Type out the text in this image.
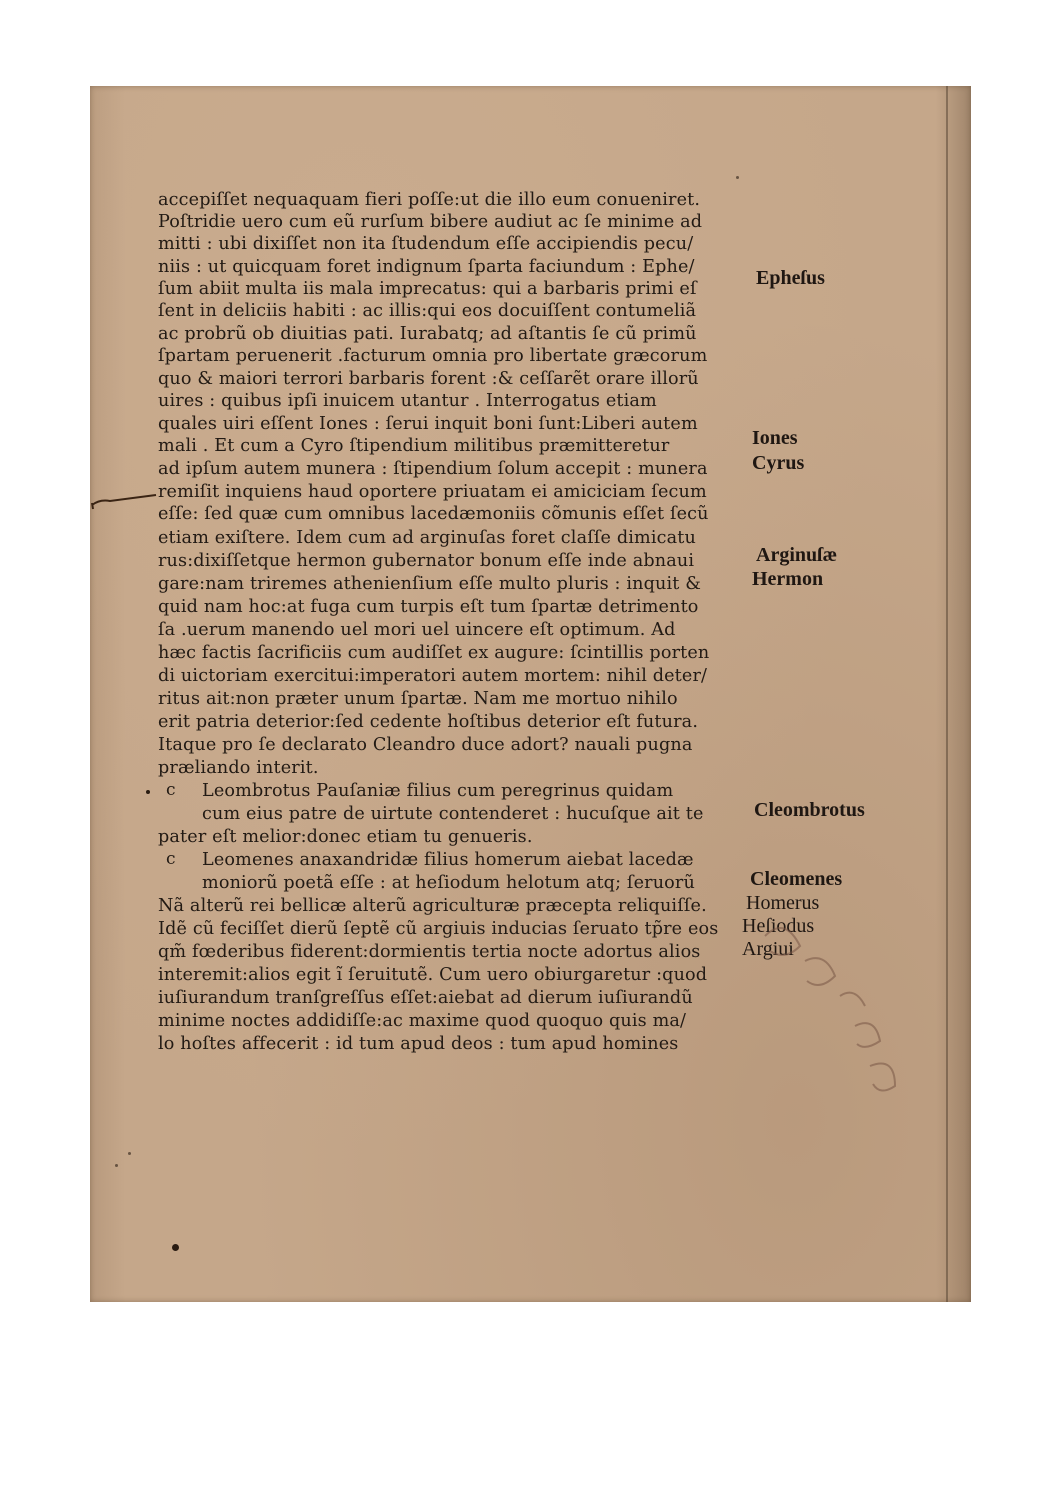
accepiſſet nequaquam fieri poſſe:ut die illo eum conueniret.
Poſtridie uero cum eũ rurſum bibere audiut ac ſe minime ad
mitti : ubi dixiſſet non ita ſtudendum eſſe accipiendis pecu/
niis : ut quicquam foret indignum ſparta faciundum : Ephe/
ſum abiit multa iis mala imprecatus: qui a barbaris primi eſ
ſent in deliciis habiti : ac illis:qui eos docuiſſent contumeliã
ac probrũ ob diuitias pati. Iurabatq; ad aſtantis ſe cũ primũ
ſpartam peruenerit .facturum omnia pro libertate græcorum
quo & maiori terrori barbaris forent :& ceſſarẽt orare illorũ
uires : quibus ipſi inuicem utantur . Interrogatus etiam
quales uiri eſſent Iones : ſerui inquit boni ſunt:Liberi autem
mali . Et cum a Cyro ſtipendium militibus præmitteretur
ad ipſum autem munera : ſtipendium ſolum accepit : munera
remiſit inquiens haud oportere priuatam ei amiciciam ſecum
eſſe: ſed quæ cum omnibus lacedæmoniis cõmunis eſſet ſecũ
etiam exiſtere. Idem cum ad arginuſas foret claſſe dimicatu
rus:dixiſſetque hermon gubernator bonum eſſe inde abnaui
gare:nam triremes athenienſium eſſe multo pluris : inquit &
quid nam hoc:at fuga cum turpis eſt tum ſpartæ detrimento
ſa .uerum manendo uel mori uel uincere eſt optimum. Ad
hæc factis ſacrificiis cum audiſſet ex augure: ſcintillis porten
di uictoriam exercitui:imperatori autem mortem: nihil deter/
ritus ait:non præter unum ſpartæ. Nam me mortuo nihilo
erit patria deterior:ſed cedente hoſtibus deterior eſt futura.
Itaque pro ſe declarato Cleandro duce adort? nauali pugna
præliando interit.
Leombrotus Pauſaniæ filius cum peregrinus quidam
cum eius patre de uirtute contenderet : hucuſque ait te
pater eſt melior:donec etiam tu genueris.
Leomenes anaxandridæ filius homerum aiebat lacedæ
moniorũ poetã eſſe : at heſiodum helotum atq; ſeruorũ
Nã alterũ rei bellicæ alterũ agriculturæ præcepta reliquiſſe.
Idẽ cũ feciſſet dierũ ſeptẽ cũ argiuis inducias ſeruato tp̃re eos
qm̃ fœderibus fiderent:dormientis tertia nocte adortus alios
interemit:alios egit ĩ ſeruitutẽ. Cum uero obiurgaretur :quod
iuſiurandum tranſgreſſus eſſet:aiebat ad dierum iuſiurandũ
minime noctes addidiſſe:ac maxime quod quoquo quis ma/
lo hoſtes affecerit : id tum apud deos : tum apud homines
c
c
Epheſus
Iones
Cyrus
Arginuſæ
Hermon
Cleombrotus
Cleomenes
Homerus
Heſiodus
Argiui
